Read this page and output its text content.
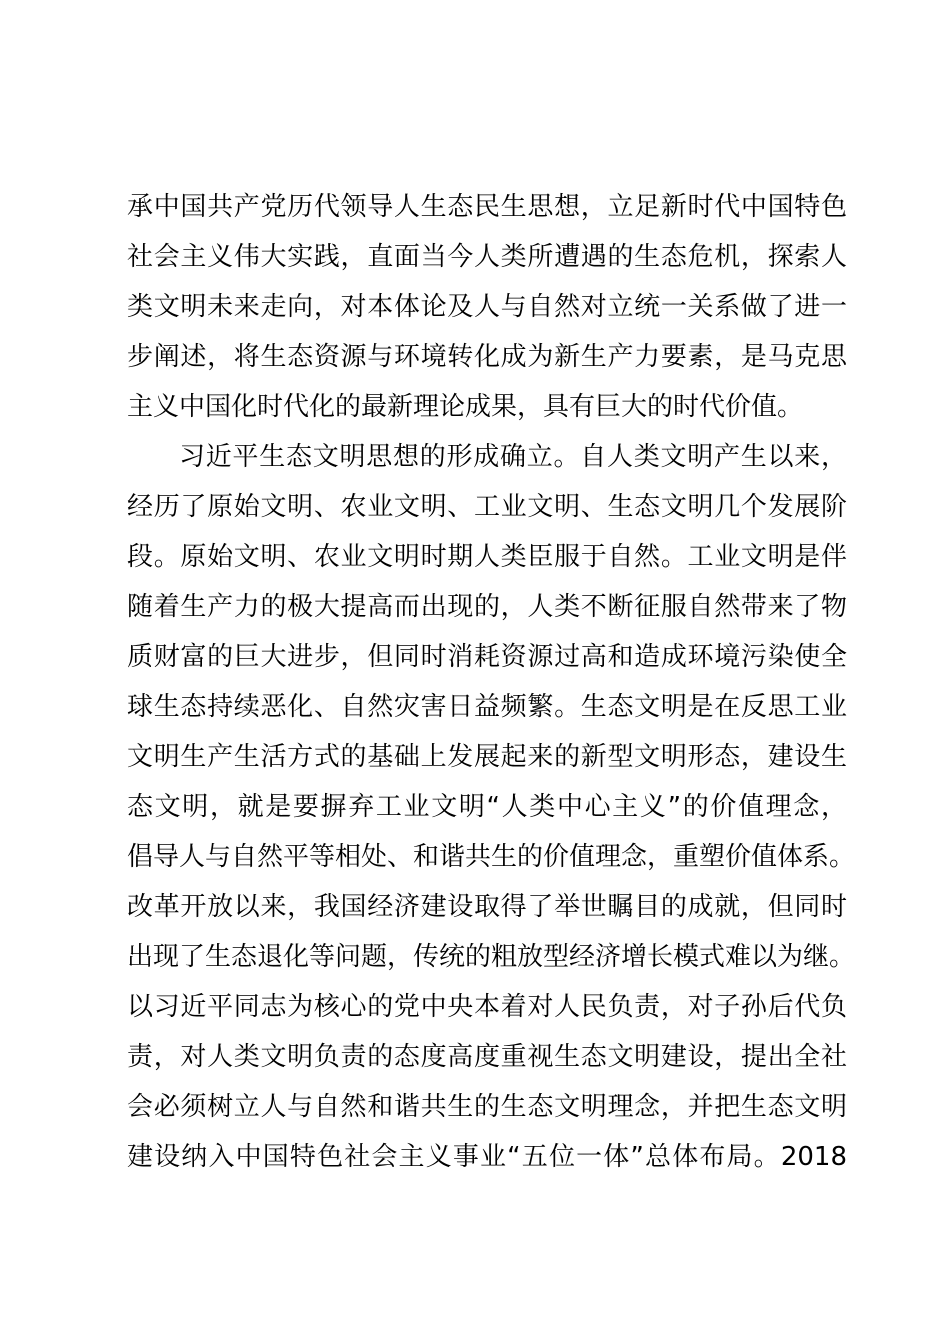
承中国共产党历代领导人生态民生思想，立足新时代中国特色
社会主义伟大实践，直面当今人类所遭遇的生态危机，探索人
类文明未来走向，对本体论及人与自然对立统一关系做了进一
步阐述，将生态资源与环境转化成为新生产力要素，是马克思
主义中国化时代化的最新理论成果，具有巨大的时代价值。
习近平生态文明思想的形成确立。自人类文明产生以来，
经历了原始文明、农业文明、工业文明、生态文明几个发展阶
段。原始文明、农业文明时期人类臣服于自然。工业文明是伴
随着生产力的极大提高而出现的，人类不断征服自然带来了物
质财富的巨大进步，但同时消耗资源过高和造成环境污染使全
球生态持续恶化、自然灾害日益频繁。生态文明是在反思工业
文明生产生活方式的基础上发展起来的新型文明形态，建设生
态文明，就是要摒弃工业文明“人类中心主义”的价值理念，
倡导人与自然平等相处、和谐共生的价值理念，重塑价值体系。
改革开放以来，我国经济建设取得了举世瞩目的成就，但同时
出现了生态退化等问题，传统的粗放型经济增长模式难以为继。
以习近平同志为核心的党中央本着对人民负责，对子孙后代负
责，对人类文明负责的态度高度重视生态文明建设，提出全社
会必须树立人与自然和谐共生的生态文明理念，并把生态文明
建设纳入中国特色社会主义事业“五位一体”总体布局。2018
